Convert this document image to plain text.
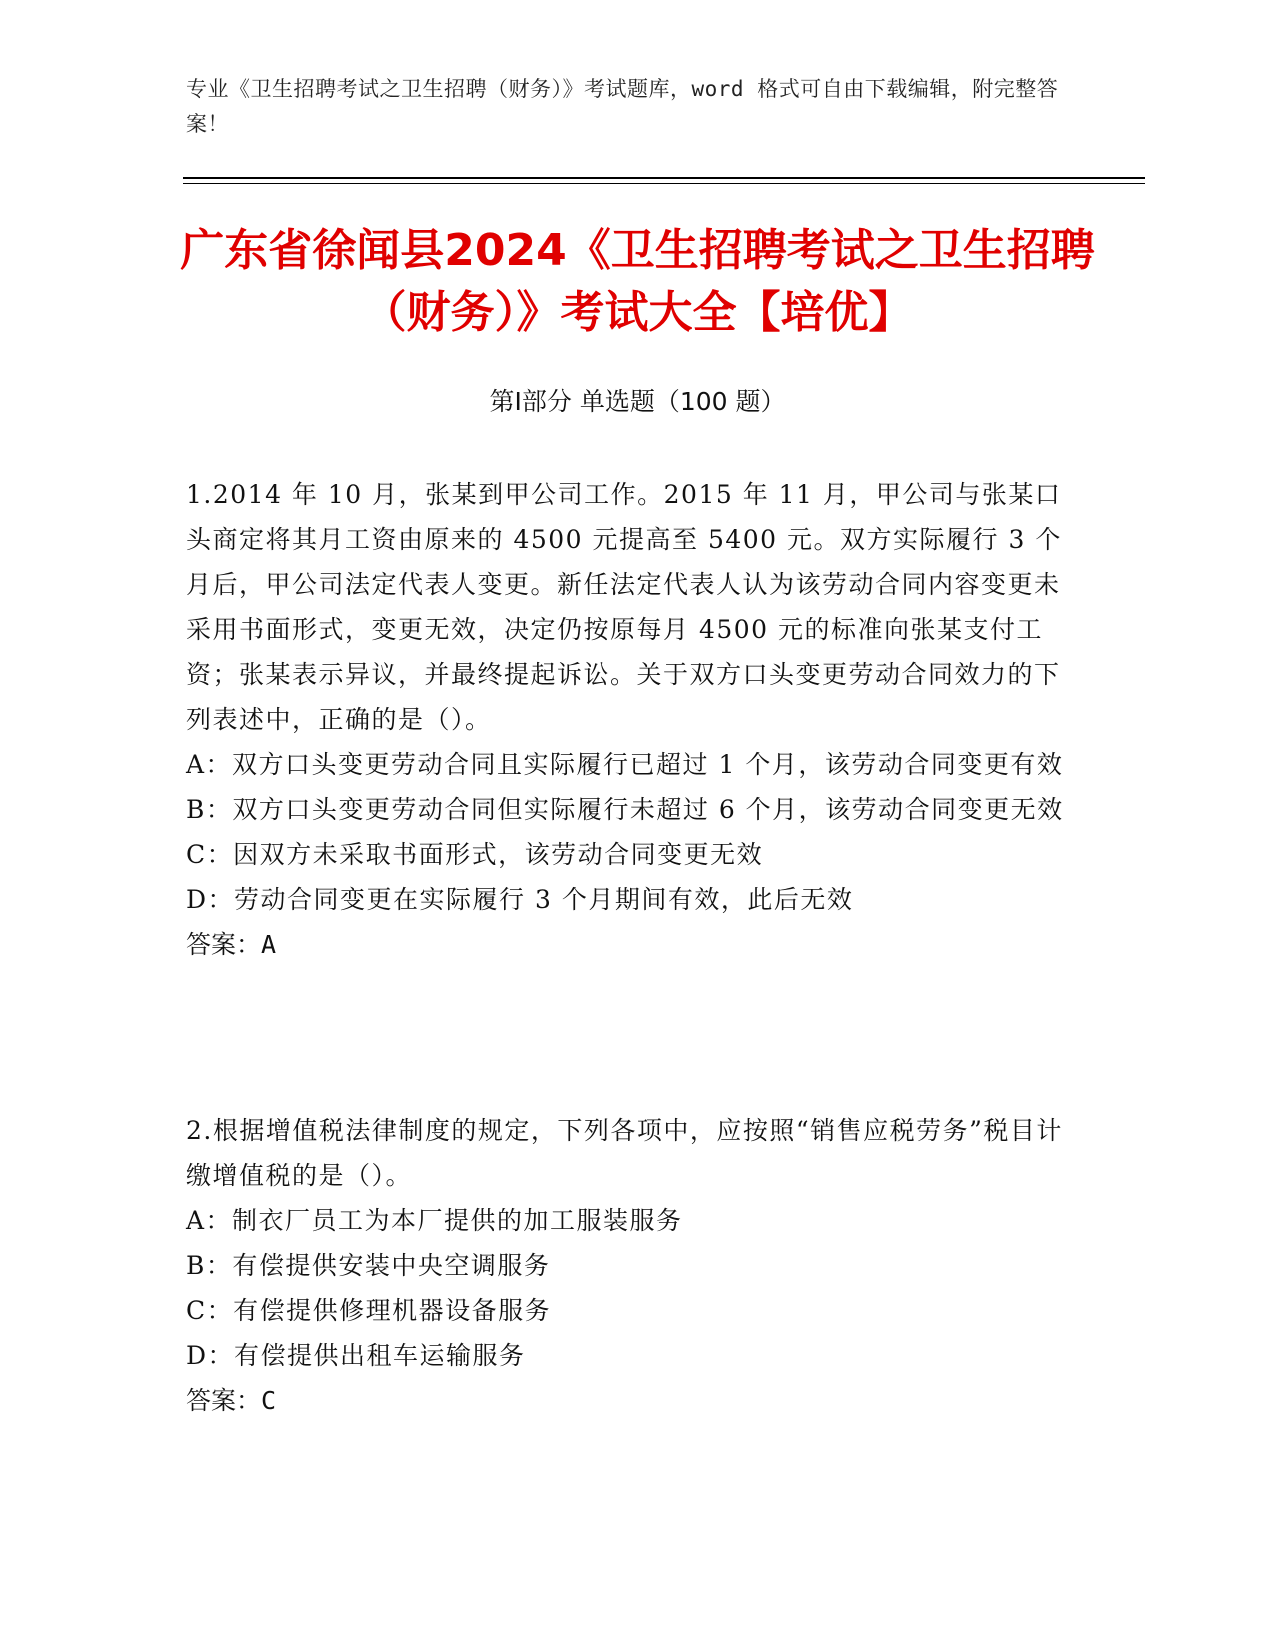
专业《卫生招聘考试之卫生招聘（财务）》考试题库，word 格式可自由下载编辑，附完整答案！
广东省徐闻县2024《卫生招聘考试之卫生招聘（财务）》考试大全【培优】
第Ⅰ部分 单选题（100 题）

1.2014 年 10 月，张某到甲公司工作。2015 年 11 月，甲公司与张某口头商定将其月工资由原来的 4500 元提高至 5400 元。双方实际履行 3 个月后，甲公司法定代表人变更。新任法定代表人认为该劳动合同内容变更未采用书面形式，变更无效，决定仍按原每月 4500 元的标准向张某支付工资；张某表示异议，并最终提起诉讼。关于双方口头变更劳动合同效力的下列表述中，正确的是（）。

A：双方口头变更劳动合同且实际履行已超过 1 个月，该劳动合同变更有效

B：双方口头变更劳动合同但实际履行未超过 6 个月，该劳动合同变更无效

C：因双方未采取书面形式，该劳动合同变更无效

D：劳动合同变更在实际履行 3 个月期间有效，此后无效

答案：A

2.根据增值税法律制度的规定，下列各项中，应按照“销售应税劳务”税目计缴增值税的是（）。

A：制衣厂员工为本厂提供的加工服装服务

B：有偿提供安装中央空调服务

C：有偿提供修理机器设备服务

D：有偿提供出租车运输服务

答案：C
